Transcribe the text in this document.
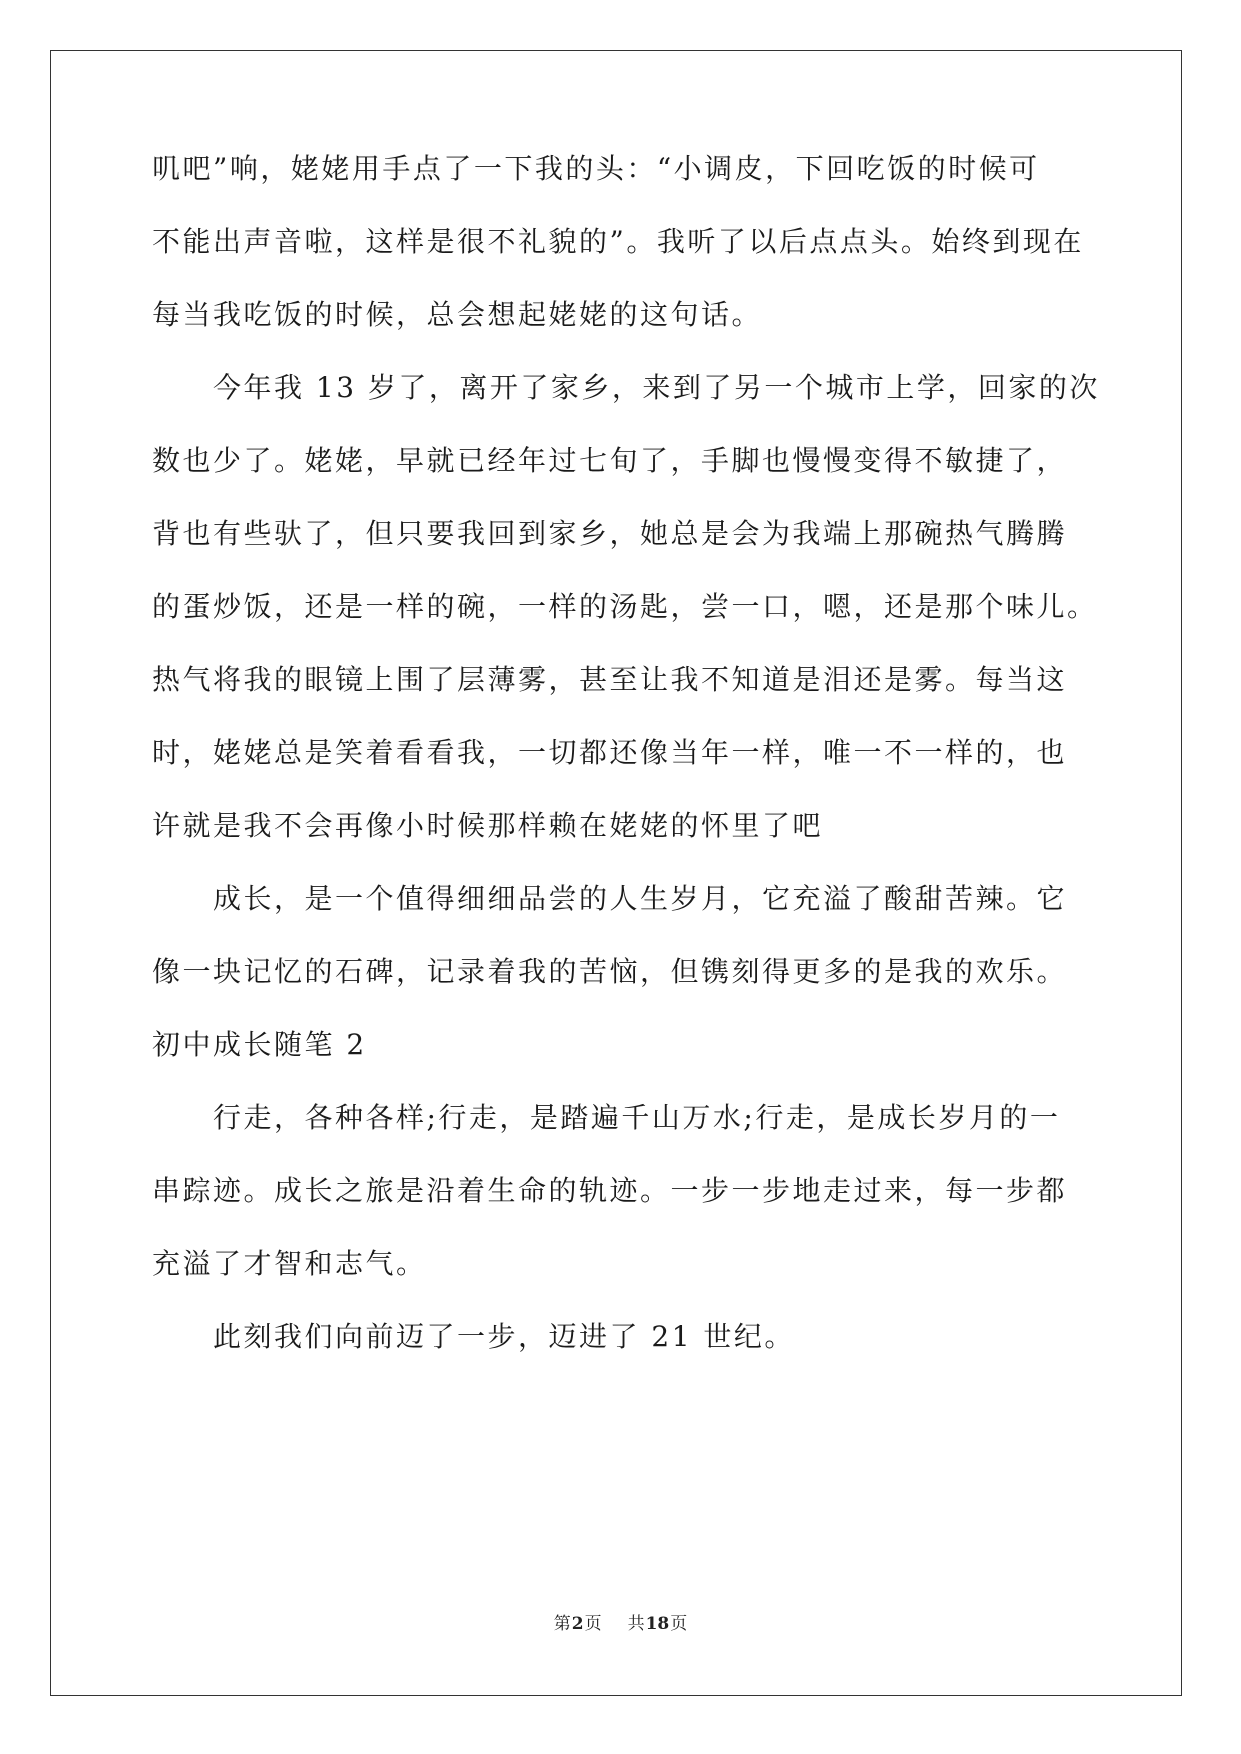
叽吧”响，姥姥用手点了一下我的头：“小调皮，下回吃饭的时候可
不能出声音啦，这样是很不礼貌的”。我听了以后点点头。始终到现在
每当我吃饭的时候，总会想起姥姥的这句话。
　　今年我 13 岁了，离开了家乡，来到了另一个城市上学，回家的次
数也少了。姥姥，早就已经年过七旬了，手脚也慢慢变得不敏捷了，
背也有些驮了，但只要我回到家乡，她总是会为我端上那碗热气腾腾
的蛋炒饭，还是一样的碗，一样的汤匙，尝一口，嗯，还是那个味儿。
热气将我的眼镜上围了层薄雾，甚至让我不知道是泪还是雾。每当这
时，姥姥总是笑着看看我，一切都还像当年一样，唯一不一样的，也
许就是我不会再像小时候那样赖在姥姥的怀里了吧
　　成长，是一个值得细细品尝的人生岁月，它充溢了酸甜苦辣。它
像一块记忆的石碑，记录着我的苦恼，但镌刻得更多的是我的欢乐。
初中成长随笔 2
　　行走，各种各样;行走，是踏遍千山万水;行走，是成长岁月的一
串踪迹。成长之旅是沿着生命的轨迹。一步一步地走过来，每一步都
充溢了才智和志气。
　　此刻我们向前迈了一步，迈进了 21 世纪。
第2页 共18页
